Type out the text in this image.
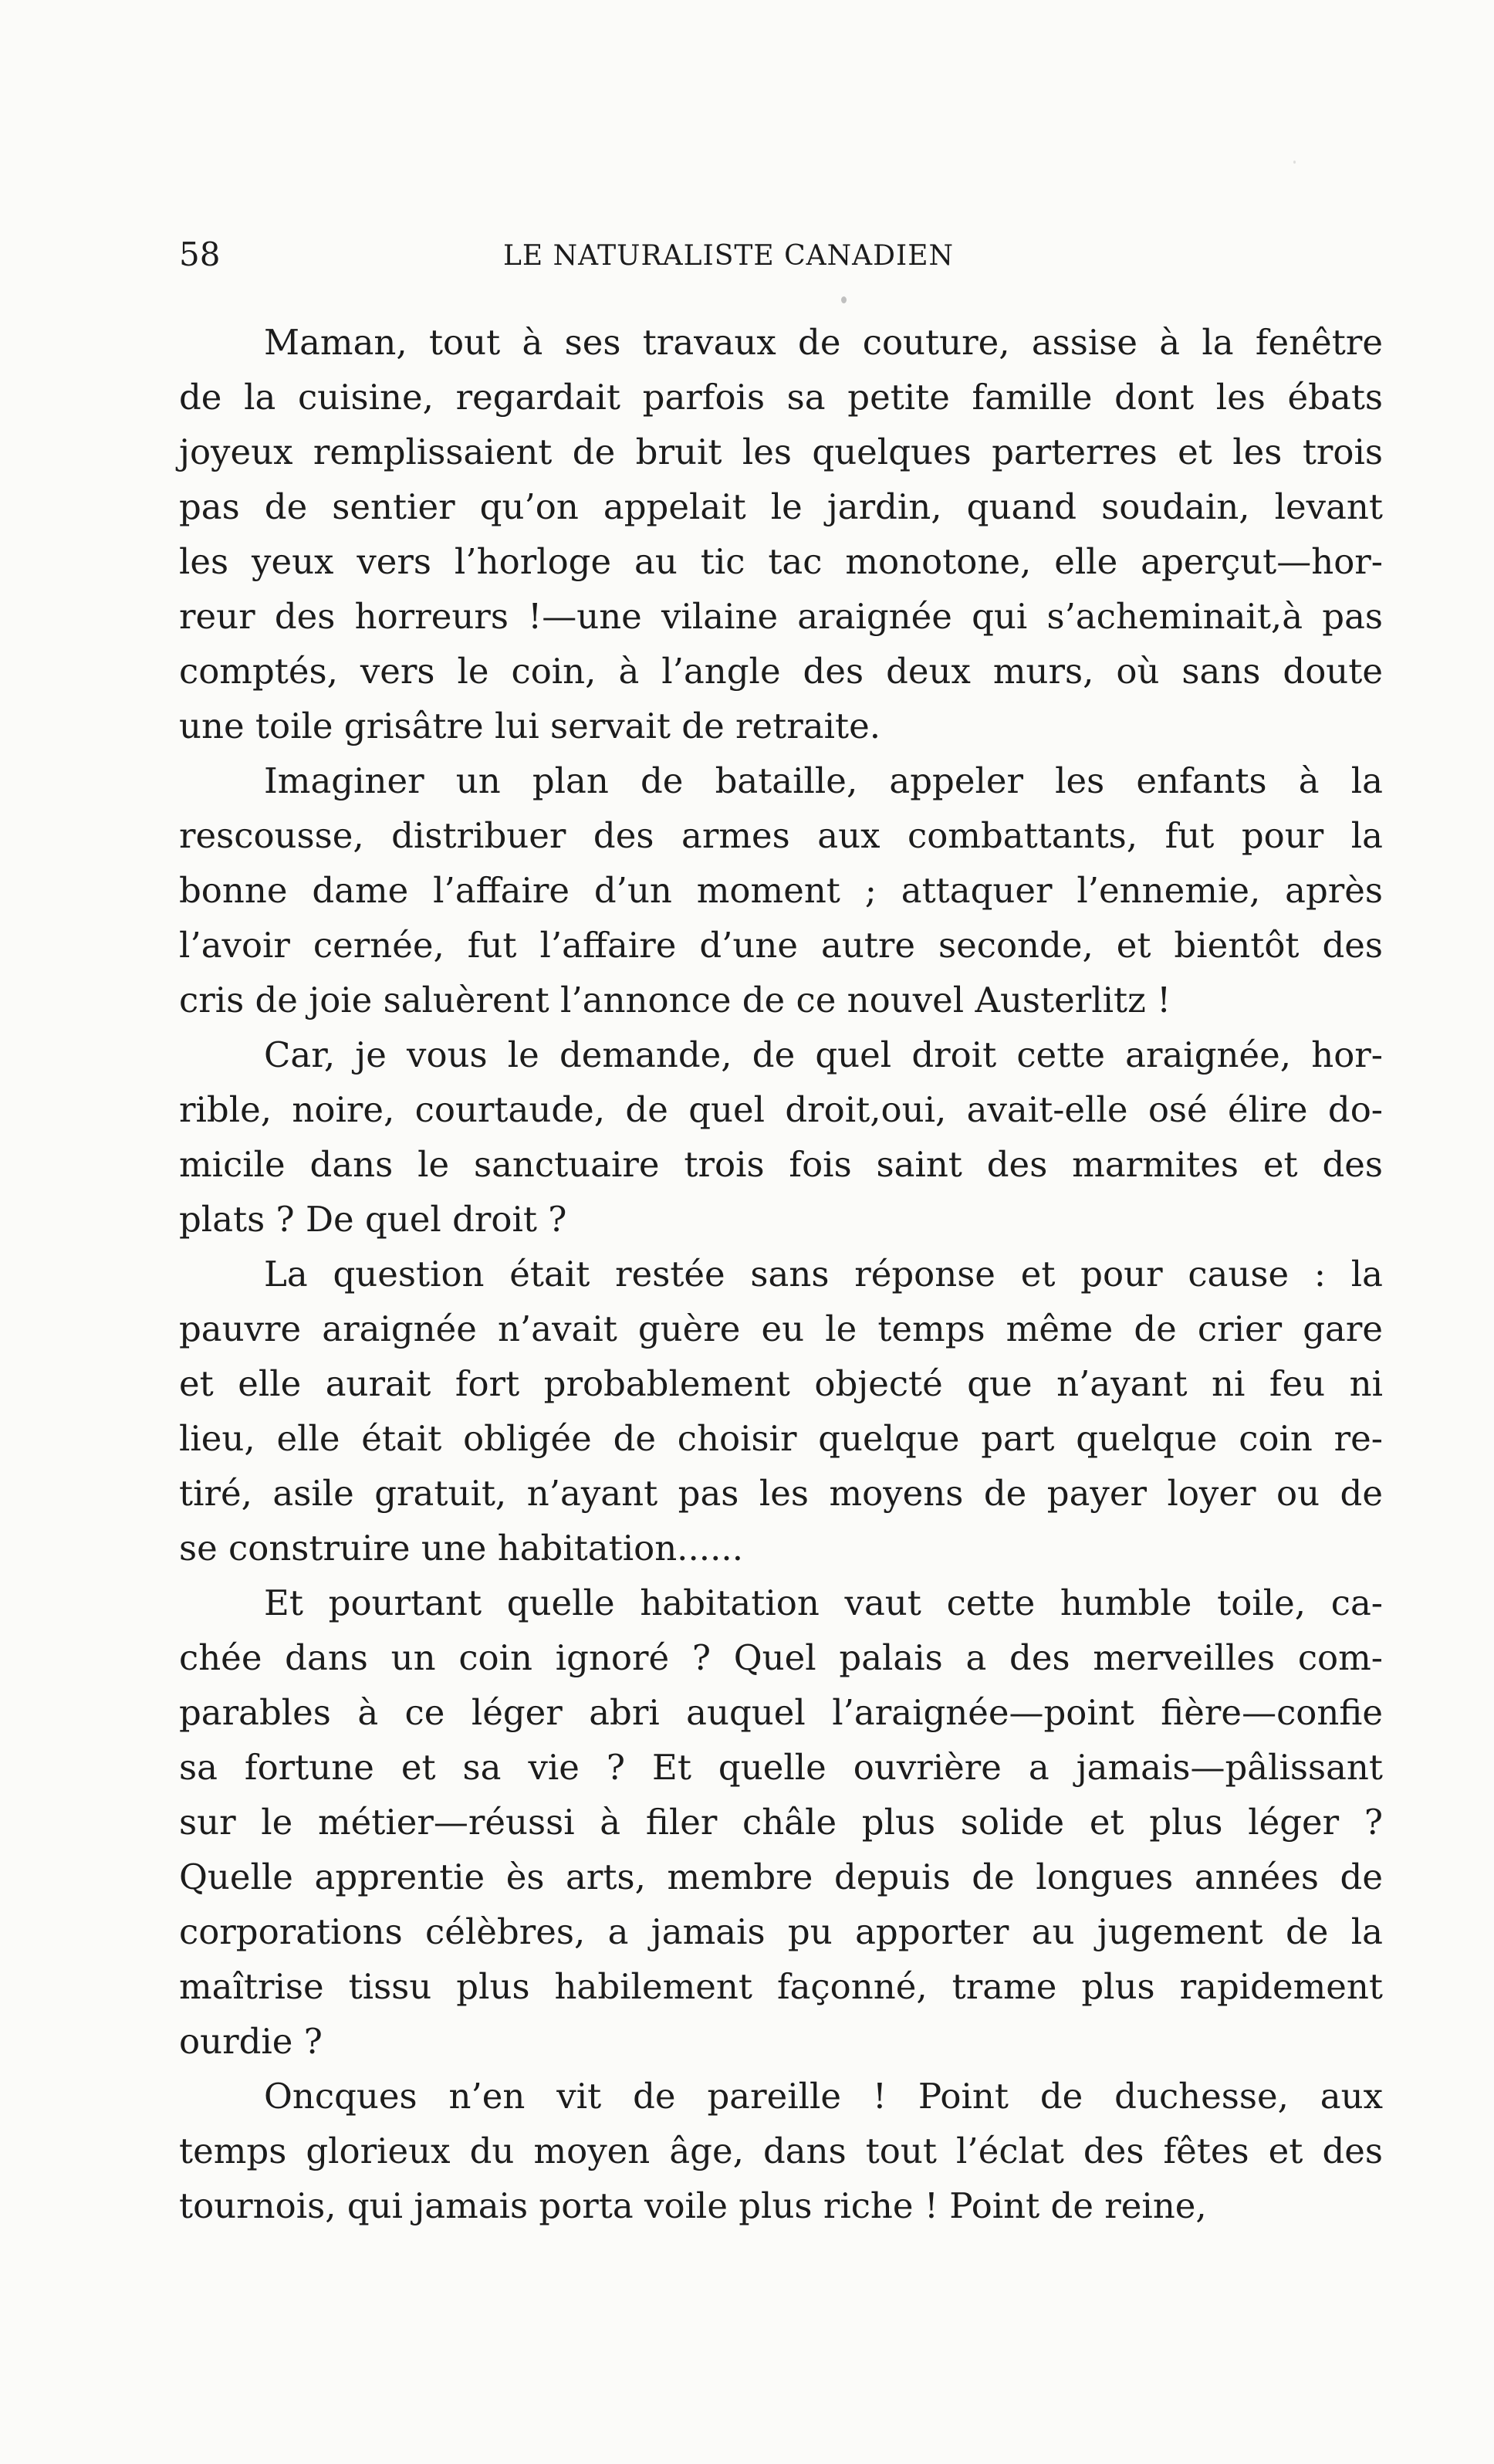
58	LE NATURALISTE CANADIEN
Maman, tout à ses travaux de couture, assise à la fenêtre
de la cuisine, regardait parfois sa petite famille dont les ébats
joyeux remplissaient de bruit les quelques parterres et les trois
pas de sentier qu’on appelait le jardin, quand soudain, levant
les yeux vers l’horloge au tic tac monotone, elle aperçut—hor-
reur des horreurs !—une vilaine araignée qui s’acheminait,à pas
comptés, vers le coin, à l’angle des deux murs, où sans doute
une toile grisâtre lui servait de retraite.
Imaginer un plan de bataille, appeler les enfants à la
rescousse, distribuer des armes aux combattants, fut pour la
bonne dame l’affaire d’un moment ; attaquer l’ennemie, après
l’avoir cernée, fut l’affaire d’une autre seconde, et bientôt des
cris de joie saluèrent l’annonce de ce nouvel Austerlitz !
Car, je vous le demande, de quel droit cette araignée, hor-
rible, noire, courtaude, de quel droit,oui, avait-elle osé élire do-
micile dans le sanctuaire trois fois saint des marmites et des
plats ? De quel droit ?
La question était restée sans réponse et pour cause : la
pauvre araignée n’avait guère eu le temps même de crier gare
et elle aurait fort probablement objecté que n’ayant ni feu ni
lieu, elle était obligée de choisir quelque part quelque coin re-
tiré, asile gratuit, n’ayant pas les moyens de payer loyer ou de
se construire une habitation......
Et pourtant quelle habitation vaut cette humble toile, ca-
chée dans un coin ignoré ? Quel palais a des merveilles com-
parables à ce léger abri auquel l’araignée—point fière—confie
sa fortune et sa vie ? Et quelle ouvrière a jamais—pâlissant
sur le métier—réussi à filer châle plus solide et plus léger ?
Quelle apprentie ès arts, membre depuis de longues années de
corporations célèbres, a jamais pu apporter au jugement de la
maîtrise tissu plus habilement façonné, trame plus rapidement
ourdie ?
Oncques n’en vit de pareille ! Point de duchesse, aux
temps glorieux du moyen âge, dans tout l’éclat des fêtes et des
tournois, qui jamais porta voile plus riche ! Point de reine,
